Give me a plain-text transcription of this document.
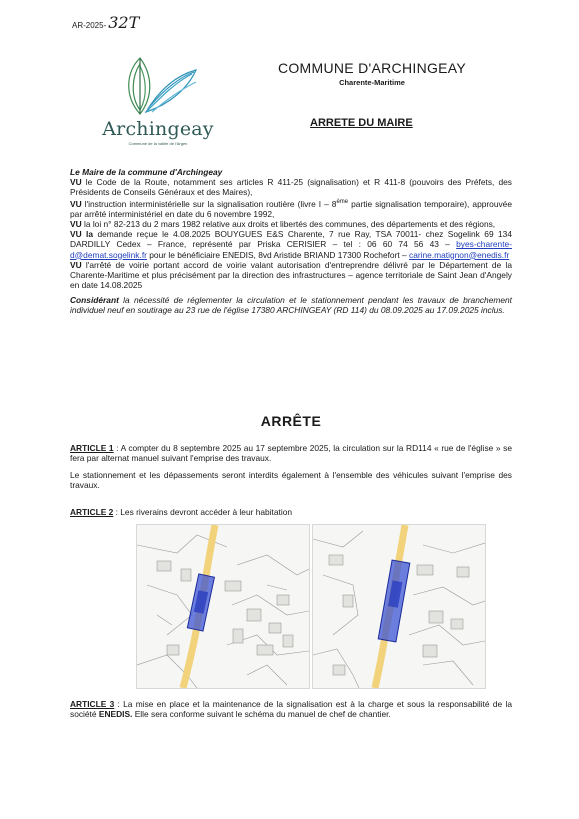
AR-2025- 32T
Archingeay
Commune de la vallée de l'Argen
COMMUNE D'ARCHINGEAY
Charente-Maritime
ARRETE DU MAIRE

Le Maire de la commune d'Archingeay

VU le Code de la Route, notamment ses articles R 411-25 (signalisation) et R 411-8 (pouvoirs des Préfets, des Présidents de Conseils Généraux et des Maires),

VU l'instruction interministérielle sur la signalisation routière (livre I – 8ème partie signalisation temporaire), approuvée par arrêté interministériel en date du 6 novembre 1992,

VU la loi n° 82-213 du 2 mars 1982 relative aux droits et libertés des communes, des départements et des régions,

VU la demande reçue le 4.08.2025 BOUYGUES E&S Charente, 7 rue Ray, TSA 70011- chez Sogelink 69 134 DARDILLY Cedex – France, représenté par Priska CERISIER – tel : 06 60 74 56 43 – byes-charente-d@demat.sogelink.fr pour le bénéficiaire ENEDIS, 8vd Aristide BRIAND 17300 Rochefort – carine.matignon@enedis.fr

VU l'arrêté de voirie portant accord de voirie valant autorisation d'entreprendre délivré par le Département de la Charente-Maritime et plus précisément par la direction des infrastructures – agence territoriale de Saint Jean d'Angely en date 14.08.2025

Considérant la nécessité de réglementer la circulation et le stationnement pendant les travaux de branchement individuel neuf en soutirage au 23 rue de l'église 17380 ARCHINGEAY (RD 114) du 08.09.2025 au 17.09.2025 inclus.

ARRÊTE

ARTICLE 1 : A compter du 8 septembre 2025 au 17 septembre 2025, la circulation sur la RD114 « rue de l'église » se fera par alternat manuel suivant l'emprise des travaux.

Le stationnement et les dépassements seront interdits également à l'ensemble des véhicules suivant l'emprise des travaux.

ARTICLE 2 : Les riverains devront accéder à leur habitation

ARTICLE 3 : La mise en place et la maintenance de la signalisation est à la charge et sous la responsabilité de la société ENEDIS. Elle sera conforme suivant le schéma du manuel de chef de chantier.
